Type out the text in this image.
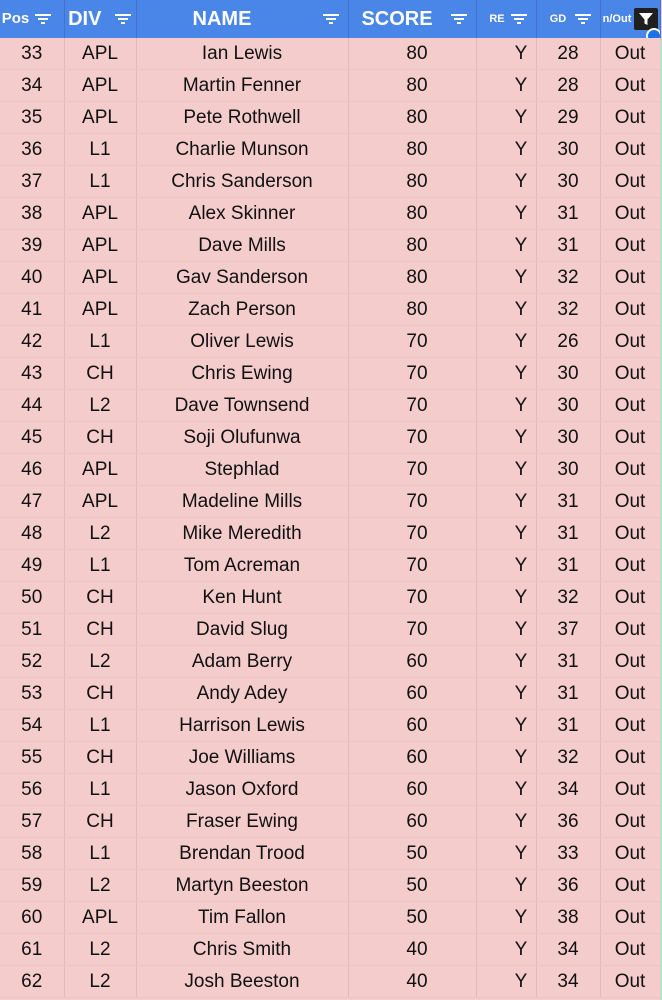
Pos	DIV	NAME	SCORE	RE	GD	n/Out

33	APL	Ian Lewis	80	Y	28	Out
34	APL	Martin Fenner	80	Y	28	Out
35	APL	Pete Rothwell	80	Y	29	Out
36	L1	Charlie Munson	80	Y	30	Out
37	L1	Chris Sanderson	80	Y	30	Out
38	APL	Alex Skinner	80	Y	31	Out
39	APL	Dave Mills	80	Y	31	Out
40	APL	Gav Sanderson	80	Y	32	Out
41	APL	Zach Person	80	Y	32	Out
42	L1	Oliver Lewis	70	Y	26	Out
43	CH	Chris Ewing	70	Y	30	Out
44	L2	Dave Townsend	70	Y	30	Out
45	CH	Soji Olufunwa	70	Y	30	Out
46	APL	Stephlad	70	Y	30	Out
47	APL	Madeline Mills	70	Y	31	Out
48	L2	Mike Meredith	70	Y	31	Out
49	L1	Tom Acreman	70	Y	31	Out
50	CH	Ken Hunt	70	Y	32	Out
51	CH	David Slug	70	Y	37	Out
52	L2	Adam Berry	60	Y	31	Out
53	CH	Andy Adey	60	Y	31	Out
54	L1	Harrison Lewis	60	Y	31	Out
55	CH	Joe Williams	60	Y	32	Out
56	L1	Jason Oxford	60	Y	34	Out
57	CH	Fraser Ewing	60	Y	36	Out
58	L1	Brendan Trood	50	Y	33	Out
59	L2	Martyn Beeston	50	Y	36	Out
60	APL	Tim Fallon	50	Y	38	Out
61	L2	Chris Smith	40	Y	34	Out
62	L2	Josh Beeston	40	Y	34	Out
